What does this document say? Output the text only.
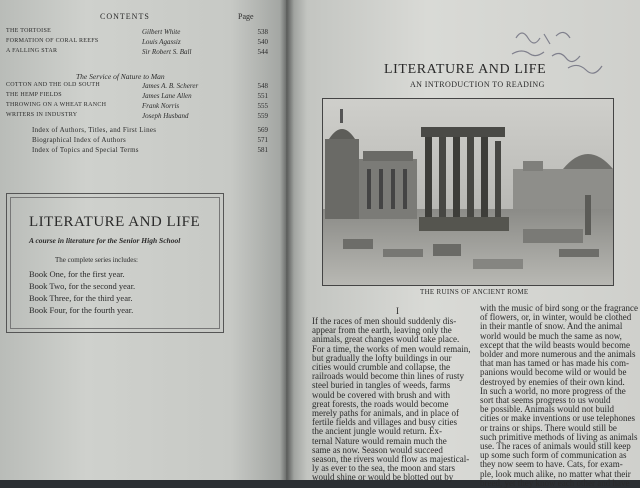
CONTENTS	Page
THE TORTOISE	Gilbert White	538
FORMATION OF CORAL REEFS	Louis Agassiz	540
A FALLING STAR	Sir Robert S. Ball	544
The Service of Nature to Man
COTTON AND THE OLD SOUTH	James A. B. Scherer	548
THE HEMP FIELDS	James Lane Allen	551
THROWING ON A WHEAT RANCH	Frank Norris	555
WRITERS IN INDUSTRY	Joseph Husband	559
Index of Authors, Titles, and First Lines	569
Biographical Index of Authors	571
Index of Topics and Special Terms	581
LITERATURE AND LIFE
A course in literature for the Senior High School
The complete series includes:
Book One, for the first year.
Book Two, for the second year.
Book Three, for the third year.
Book Four, for the fourth year.
LITERATURE AND LIFE
AN INTRODUCTION TO READING
THE RUINS OF ANCIENT ROME
I
If the races of men should suddenly dis-
appear from the earth, leaving only the
animals, great changes would take place.
For a time, the works of men would remain,
but gradually the lofty buildings in our
cities would crumble and collapse, the
railroads would become thin lines of rusty
steel buried in tangles of weeds, farms
would be covered with brush and with
great forests, the roads would become
merely paths for animals, and in place of
fertile fields and villages and busy cities
the ancient jungle would return. Ex-
ternal Nature would remain much the
same as now. Season would succeed
season, the rivers would flow as majestical-
ly as ever to the sea, the moon and stars
would shine or would be blotted out by
with the music of bird song or the fragrance
of flowers, or, in winter, would be clothed
in their mantle of snow. And the animal
world would be much the same as now,
except that the wild beasts would become
bolder and more numerous and the animals
that man has tamed or has made his com-
panions would become wild or would be
destroyed by enemies of their own kind.
In such a world, no more progress of the
sort that seems progress to us would
be possible. Animals would not build
cities or make inventions or use telephones
or trains or ships. There would still be
such primitive methods of living as animals
use. The races of animals would still keep
up some such form of communication as
they now seem to have. Cats, for exam-
ple, look much alike, no matter what their
breed, yet they know each other and have
